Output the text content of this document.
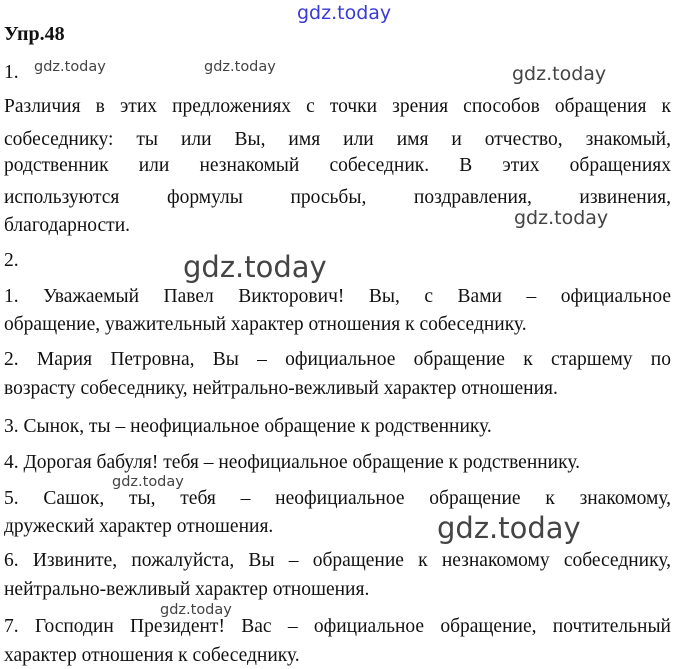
Упр.48
1.
Различия в этих предложениях с точки зрения способов обращения к
собеседнику: ты или Вы, имя или имя и отчество, знакомый,
родственник или незнакомый собеседник. В этих обращениях
используются формулы просьбы, поздравления, извинения,
благодарности.
2.
1. Уважаемый Павел Викторович! Вы, с Вами – официальное
обращение, уважительный характер отношения к собеседнику.
2. Мария Петровна, Вы – официальное обращение к старшему по
возрасту собеседнику, нейтрально-вежливый характер отношения.
3. Сынок, ты – неофициальное обращение к родственнику.
4. Дорогая бабуля! тебя – неофициальное обращение к родственнику.
5. Сашок, ты, тебя – неофициальное обращение к знакомому,
дружеский характер отношения.
6. Извините, пожалуйста, Вы – обращение к незнакомому собеседнику,
нейтрально-вежливый характер отношения.
7. Господин Президент! Вас – официальное обращение, почтительный
характер отношения к собеседнику.
gdz.today
gdz.today	gdz.today	gdz.today
gdz.today
gdz.today
gdz.today
gdz.today
gdz.today
